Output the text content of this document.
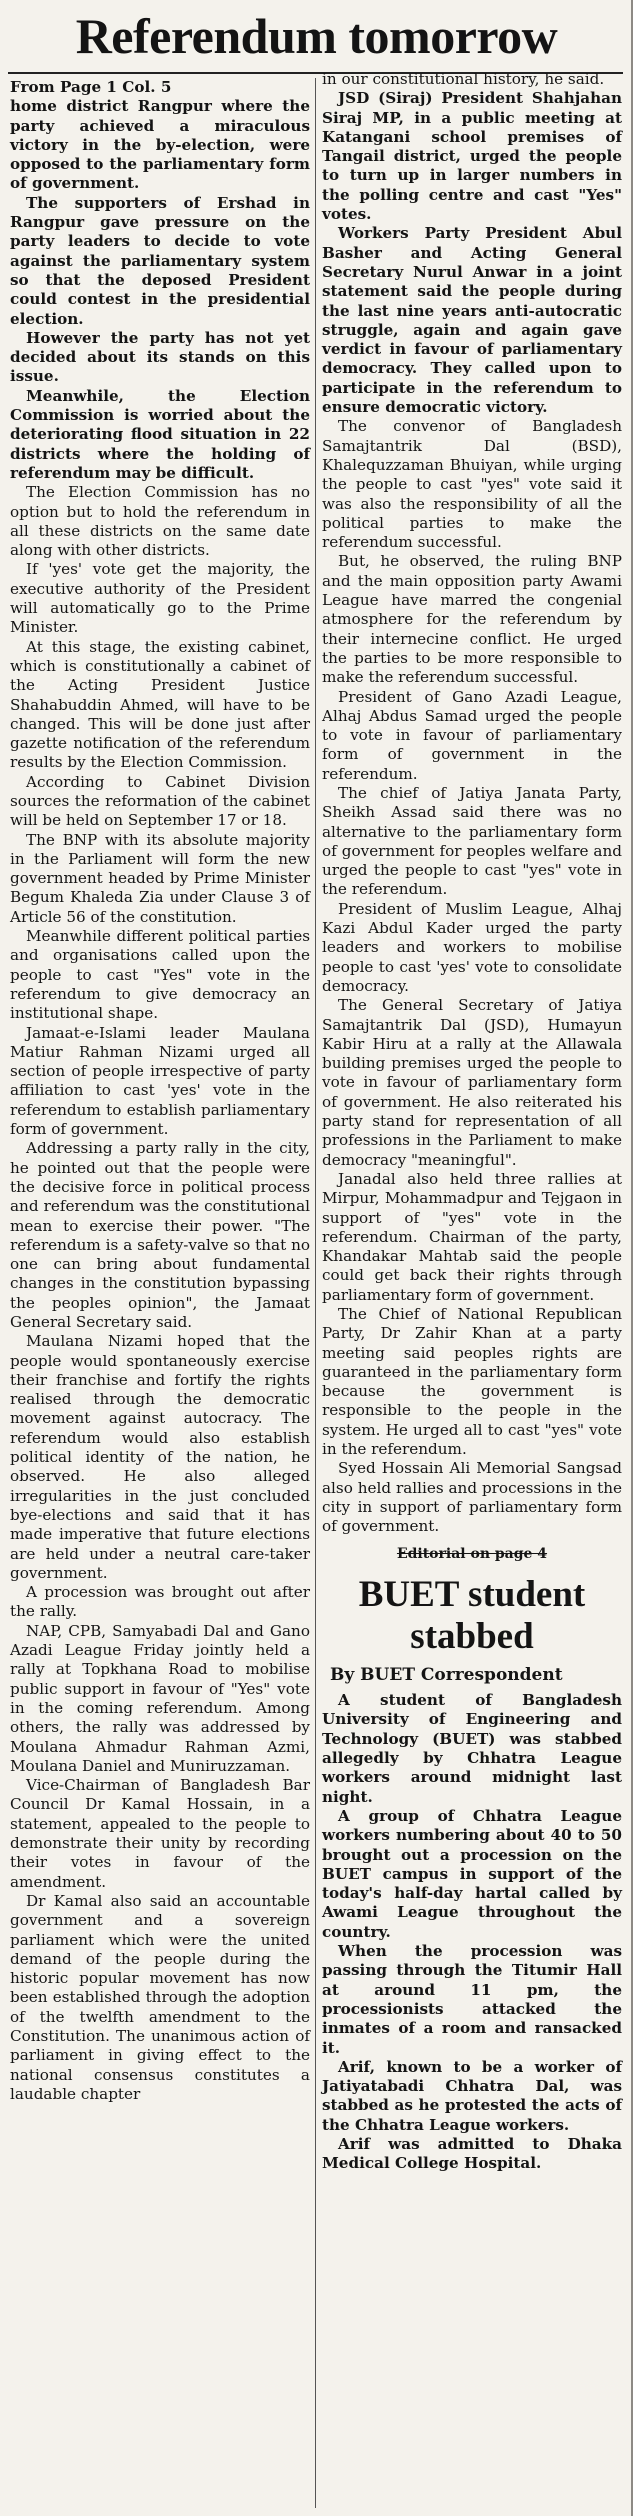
Referendum tomorrow

From Page 1 Col. 5

home district Rangpur where the party achieved a miraculous victory in the by-election, were opposed to the parliamentary form of government.

The supporters of Ershad in Rangpur gave pressure on the party leaders to decide to vote against the parliamentary system so that the deposed President could contest in the presidential election.

However the party has not yet decided about its stands on this issue.

Meanwhile, the Election Commission is worried about the deteriorating flood situation in 22 districts where the holding of referendum may be difficult.

The Election Commission has no option but to hold the referendum in all these districts on the same date along with other districts.

If 'yes' vote get the majority, the executive authority of the President will automatically go to the Prime Minister.

At this stage, the existing cabinet, which is constitutionally a cabinet of the Acting President Justice Shahabuddin Ahmed, will have to be changed. This will be done just after gazette notification of the referendum results by the Election Commission.

According to Cabinet Division sources the reformation of the cabinet will be held on September 17 or 18.

The BNP with its absolute majority in the Parliament will form the new government headed by Prime Minister Begum Khaleda Zia under Clause 3 of Article 56 of the constitution.

Meanwhile different political parties and organisations called upon the people to cast "Yes" vote in the referendum to give democracy an institutional shape.

Jamaat-e-Islami leader Maulana Matiur Rahman Nizami urged all section of people irrespective of party affiliation to cast 'yes' vote in the referendum to establish parliamentary form of government.

Addressing a party rally in the city, he pointed out that the people were the decisive force in political process and referendum was the constitutional mean to exercise their power. "The referendum is a safety-valve so that no one can bring about fundamental changes in the constitution bypassing the peoples opinion", the Jamaat General Secretary said.

Maulana Nizami hoped that the people would spontaneously exercise their franchise and fortify the rights realised through the democratic movement against autocracy. The referendum would also establish political identity of the nation, he observed. He also alleged irregularities in the just concluded bye-elections and said that it has made imperative that future elections are held under a neutral care-taker government.

A procession was brought out after the rally.

NAP, CPB, Samyabadi Dal and Gano Azadi League Friday jointly held a rally at Topkhana Road to mobilise public support in favour of "Yes" vote in the coming referendum. Among others, the rally was addressed by Moulana Ahmadur Rahman Azmi, Moulana Daniel and Muniruzzaman.

Vice-Chairman of Bangladesh Bar Council Dr Kamal Hossain, in a statement, appealed to the people to demonstrate their unity by recording their votes in favour of the amendment.

Dr Kamal also said an accountable government and a sovereign parliament which were the united demand of the people during the historic popular movement has now been established through the adoption of the twelfth amendment to the Constitution. The unanimous action of parliament in giving effect to the national consensus constitutes a laudable chapter

in our constitutional history, he said.

JSD (Siraj) President Shahjahan Siraj MP, in a public meeting at Katangani school premises of Tangail district, urged the people to turn up in larger numbers in the polling centre and cast "Yes" votes.

Workers Party President Abul Basher and Acting General Secretary Nurul Anwar in a joint statement said the people during the last nine years anti-autocratic struggle, again and again gave verdict in favour of parliamentary democracy. They called upon to participate in the referendum to ensure democratic victory.

The convenor of Bangladesh Samajtantrik Dal (BSD), Khalequzzaman Bhuiyan, while urging the people to cast "yes" vote said it was also the responsibility of all the political parties to make the referendum successful.

But, he observed, the ruling BNP and the main opposition party Awami League have marred the congenial atmosphere for the referendum by their internecine conflict. He urged the parties to be more responsible to make the referendum successful.

President of Gano Azadi League, Alhaj Abdus Samad urged the people to vote in favour of parliamentary form of government in the referendum.

The chief of Jatiya Janata Party, Sheikh Assad said there was no alternative to the parliamentary form of government for peoples welfare and urged the people to cast "yes" vote in the referendum.

President of Muslim League, Alhaj Kazi Abdul Kader urged the party leaders and workers to mobilise people to cast 'yes' vote to consolidate democracy.

The General Secretary of Jatiya Samajtantrik Dal (JSD), Humayun Kabir Hiru at a rally at the Allawala building premises urged the people to vote in favour of parliamentary form of government. He also reiterated his party stand for representation of all professions in the Parliament to make democracy "meaningful".

Janadal also held three rallies at Mirpur, Mohammadpur and Tejgaon in support of "yes" vote in the referendum. Chairman of the party, Khandakar Mahtab said the people could get back their rights through parliamentary form of government.

The Chief of National Republican Party, Dr Zahir Khan at a party meeting said peoples rights are guaranteed in the parliamentary form because the government is responsible to the people in the system. He urged all to cast "yes" vote in the referendum.

Syed Hossain Ali Memorial Sangsad also held rallies and processions in the city in support of parliamentary form of government.

Editorial on page 4

BUET student stabbed

By BUET Correspondent

A student of Bangladesh University of Engineering and Technology (BUET) was stabbed allegedly by Chhatra League workers around midnight last night.

A group of Chhatra League workers numbering about 40 to 50 brought out a procession on the BUET campus in support of the today's half-day hartal called by Awami League throughout the country.

When the procession was passing through the Titumir Hall at around 11 pm, the processionists attacked the inmates of a room and ransacked it.

Arif, known to be a worker of Jatiyatabadi Chhatra Dal, was stabbed as he protested the acts of the Chhatra League workers.

Arif was admitted to Dhaka Medical College Hospital.
